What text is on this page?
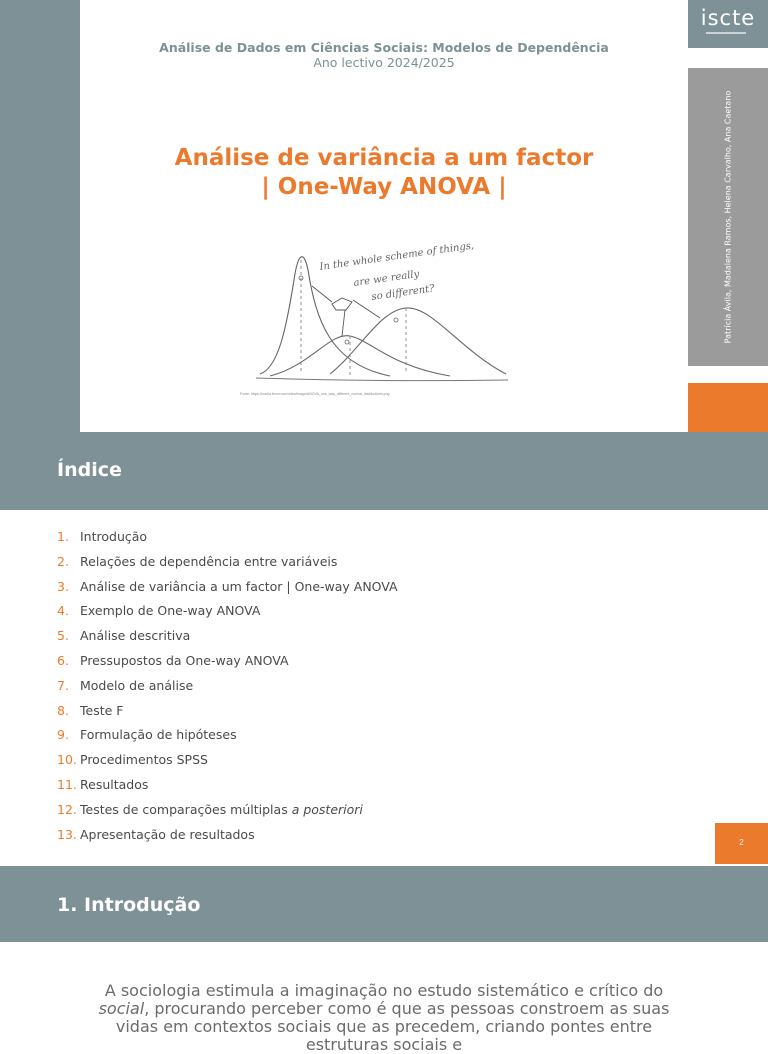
iscte
Patrícia Ávila, Madalena Ramos, Helena Carvalho, Ana Caetano
Análise de Dados em Ciências Sociais: Modelos de Dependência
Ano lectivo 2024/2025
Análise de variância a um factor
| One-Way ANOVA |
In the whole scheme of things,
are we really
so different?
Fonte: https://media.tenor.com/sites/image/ANOVA_one_way_different_normal_distributions.png
Índice
1. Introdução
2. Relações de dependência entre variáveis
3. Análise de variância a um factor | One-way ANOVA
4. Exemplo de One-way ANOVA
5. Análise descritiva
6. Pressupostos da One-way ANOVA
7. Modelo de análise
8. Teste F
9. Formulação de hipóteses
10. Procedimentos SPSS
11. Resultados
12. Testes de comparações múltiplas a posteriori
13. Apresentação de resultados
2
1. Introdução
A sociologia estimula a imaginação no estudo sistemático e crítico do social, procurando perceber como é que as pessoas constroem as suas vidas em contextos sociais que as precedem, criando pontes entre estruturas sociais e
